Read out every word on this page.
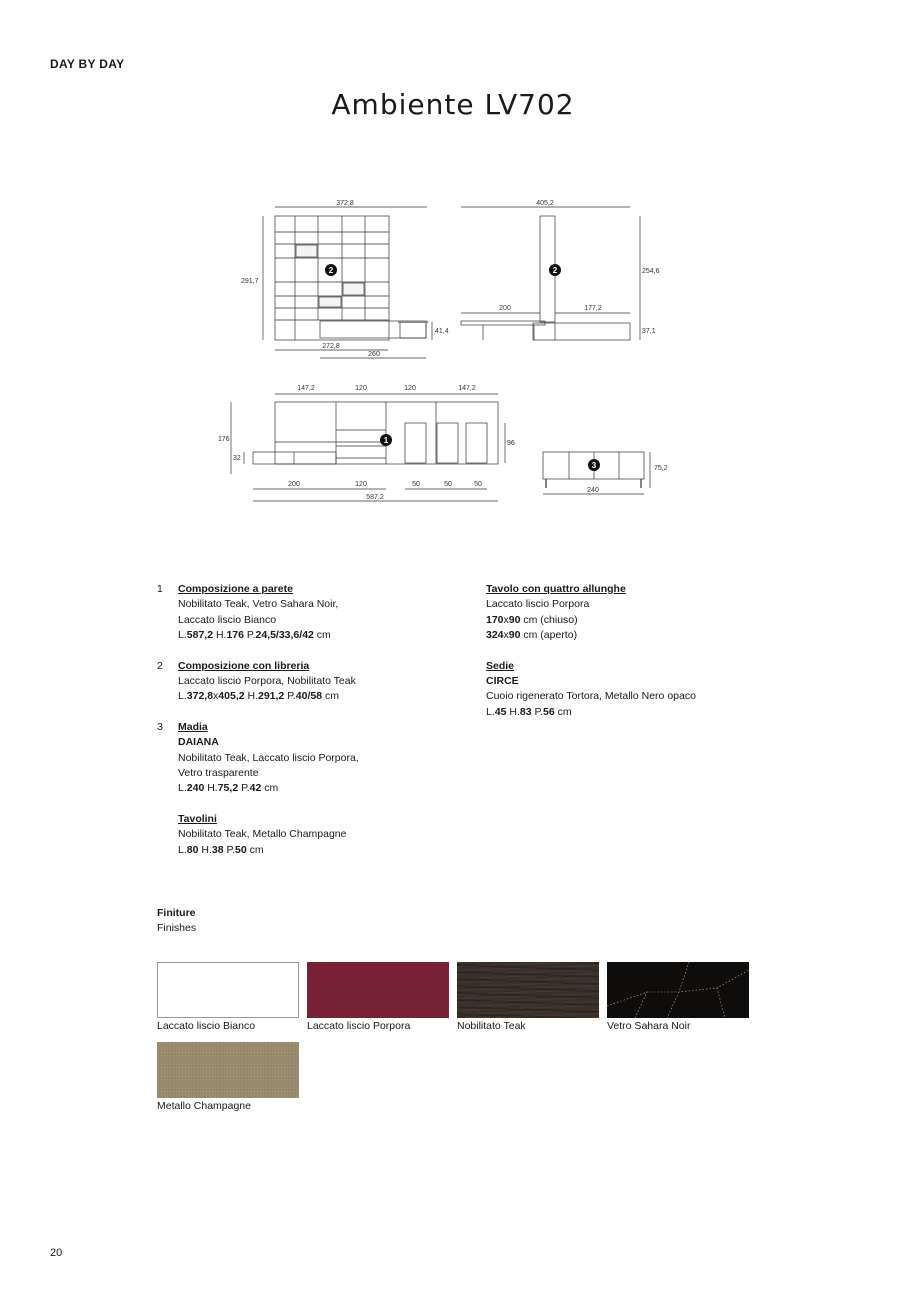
DAY BY DAY
Ambiente LV702
2	2
1
3
372,8
291,7
41,4
272,8
260
405,2
254,6
200	177,2
37,1
147,2	120	120	147,2
176
32
96
200	120	50	50	50
587,2
75,2
240
1 Composizione a parete
Nobilitato Teak, Vetro Sahara Noir,
Laccato liscio Bianco
L.587,2 H.176 P.24,5/33,6/42 cm
2 Composizione con libreria
Laccato liscio Porpora, Nobilitato Teak
L.372,8x405,2 H.291,2 P.40/58 cm
3 Madia
DAIANA
Nobilitato Teak, Laccato liscio Porpora,
Vetro trasparente
L.240 H.75,2 P.42 cm
Tavolini
Nobilitato Teak, Metallo Champagne
L.80 H.38 P.50 cm
Tavolo con quattro allunghe
Laccato liscio Porpora
170x90 cm (chiuso)
324x90 cm (aperto)
Sedie
CIRCE
Cuoio rigenerato Tortora, Metallo Nero opaco
L.45 H.83 P.56 cm
Finiture
Finishes
Laccato liscio Bianco	Laccato liscio Porpora	Nobilitato Teak	Vetro Sahara Noir
Metallo Champagne
20
